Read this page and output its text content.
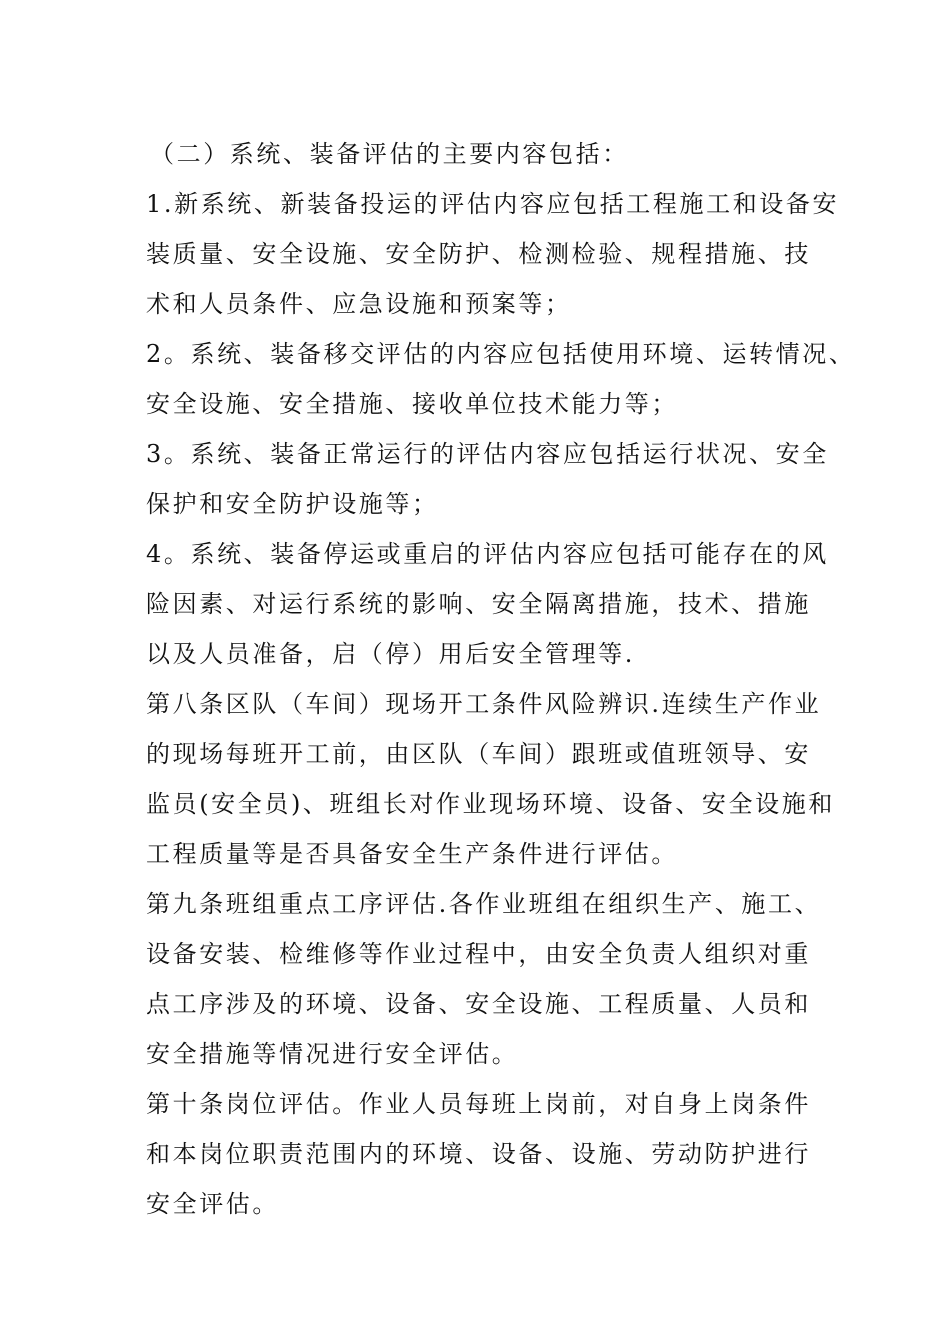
（二）系统、装备评估的主要内容包括：
1.新系统、新装备投运的评估内容应包括工程施工和设备安
装质量、安全设施、安全防护、检测检验、规程措施、技
术和人员条件、应急设施和预案等；
2。系统、装备移交评估的内容应包括使用环境、运转情况、
安全设施、安全措施、接收单位技术能力等；
3。系统、装备正常运行的评估内容应包括运行状况、安全
保护和安全防护设施等；
4。系统、装备停运或重启的评估内容应包括可能存在的风
险因素、对运行系统的影响、安全隔离措施，技术、措施
以及人员准备，启（停）用后安全管理等.
第八条区队（车间）现场开工条件风险辨识.连续生产作业
的现场每班开工前，由区队（车间）跟班或值班领导、安
监员(安全员)、班组长对作业现场环境、设备、安全设施和
工程质量等是否具备安全生产条件进行评估。
第九条班组重点工序评估.各作业班组在组织生产、施工、
设备安装、检维修等作业过程中，由安全负责人组织对重
点工序涉及的环境、设备、安全设施、工程质量、人员和
安全措施等情况进行安全评估。
第十条岗位评估。作业人员每班上岗前，对自身上岗条件
和本岗位职责范围内的环境、设备、设施、劳动防护进行
安全评估。
